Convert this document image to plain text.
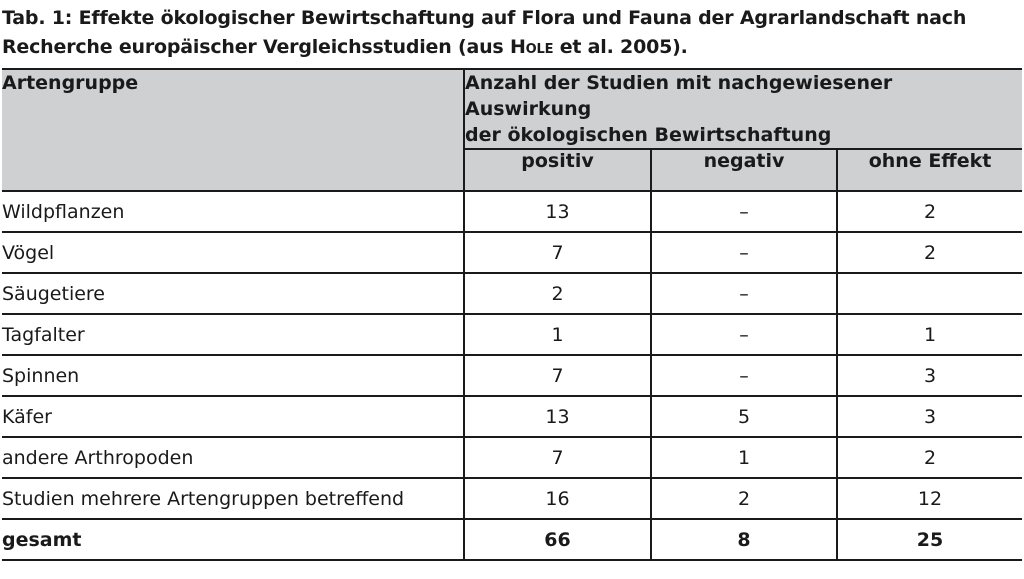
Tab. 1: Effekte ökologischer Bewirtschaftung auf Flora und Fauna der Agrarlandschaft nach
Recherche europäischer Vergleichsstudien (aus Hole et al. 2005).
Artengruppe	Anzahl der Studien mit nachgewiesener Auswirkung
der ökologischen Bewirtschaftung		

	positiv	negativ	ohne Effekt
Wildpflanzen	13	–	2
Vögel	7	–	2
Säugetiere	2	–	
Tagfalter	1	–	1
Spinnen	7	–	3
Käfer	13	5	3
andere Arthropoden	7	1	2
Studien mehrere Artengruppen betreffend	16	2	12
gesamt	66	8	25
